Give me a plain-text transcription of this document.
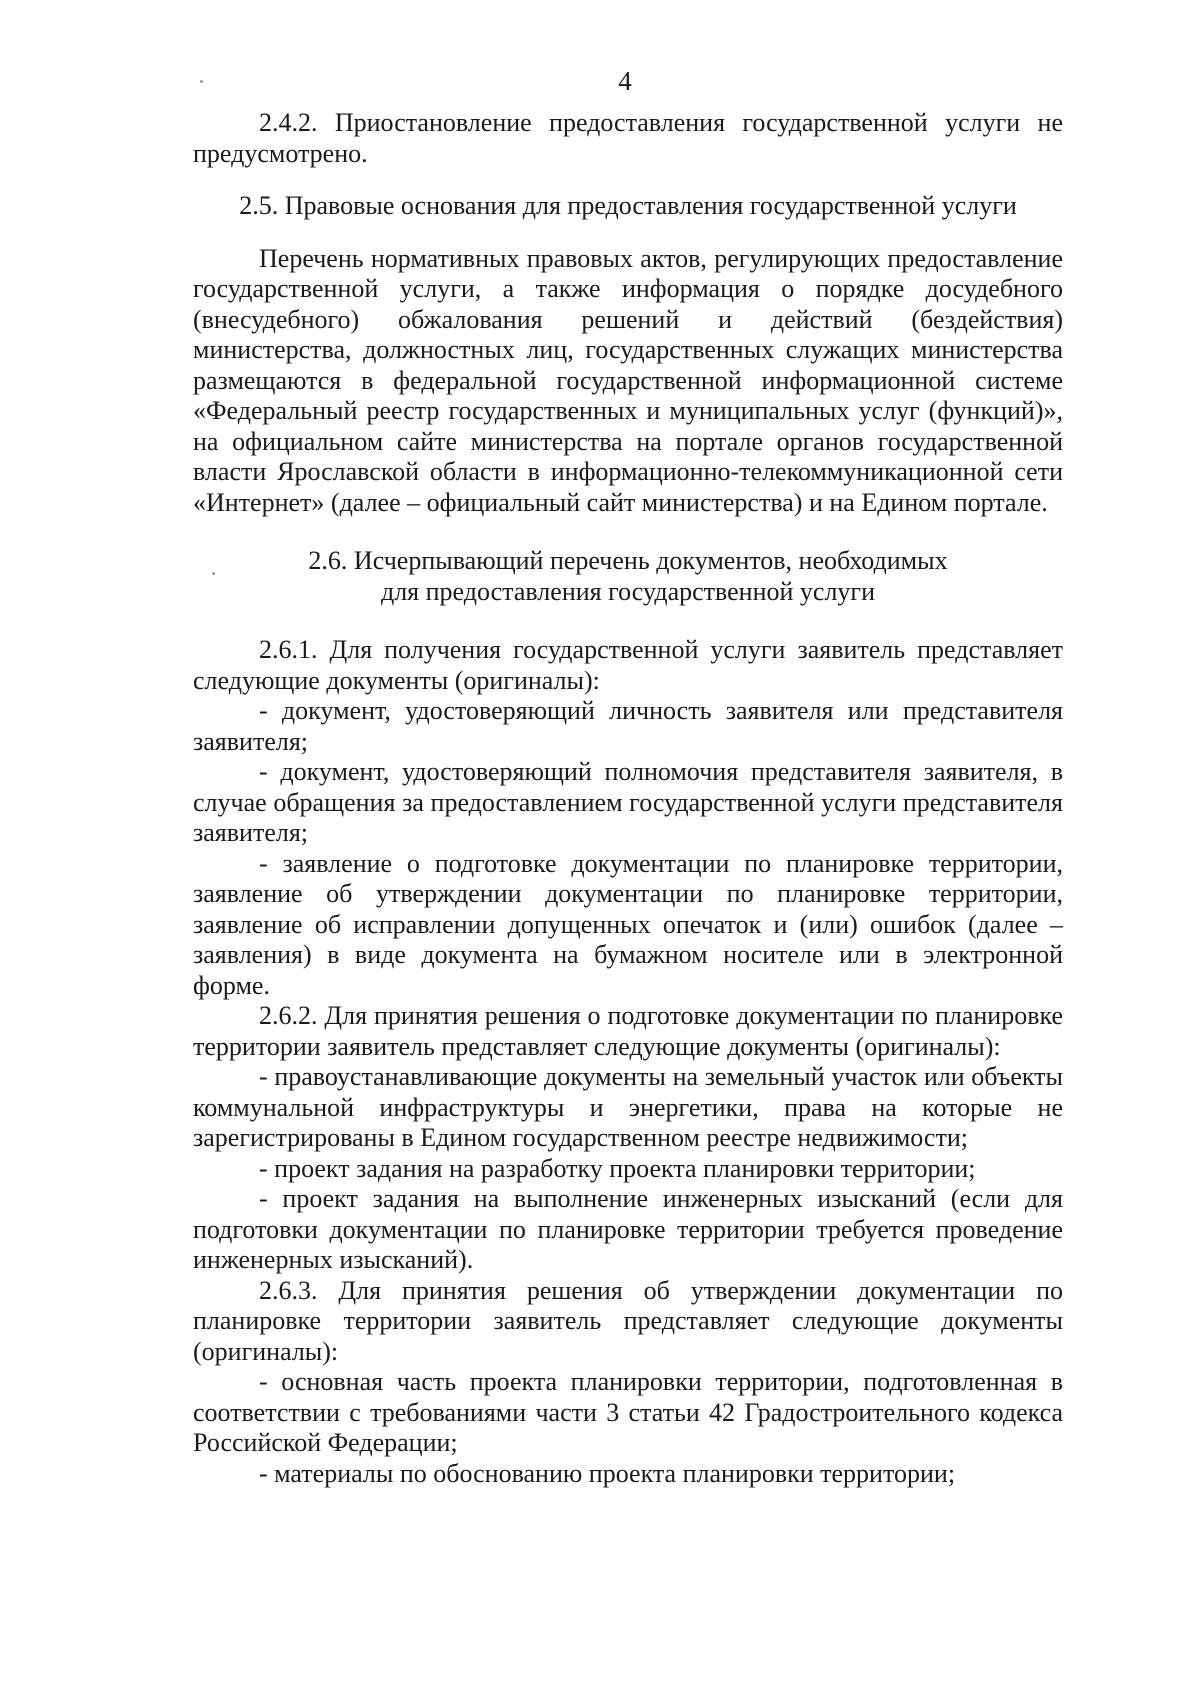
4

2.4.2. Приостановление предоставления государственной услуги не предусмотрено.

2.5. Правовые основания для предоставления государственной услуги

Перечень нормативных правовых актов, регулирующих предоставление государственной услуги, а также информация о порядке досудебного (внесудебного) обжалования решений и действий (бездействия) министерства, должностных лиц, государственных служащих министерства размещаются в федеральной государственной информационной системе «Федеральный реестр государственных и муниципальных услуг (функций)», на официальном сайте министерства на портале органов государственной власти Ярославской области в информационно-телекоммуникационной сети «Интернет» (далее – официальный сайт министерства) и на Едином портале.

2.6. Исчерпывающий перечень документов, необходимых

для предоставления государственной услуги

2.6.1. Для получения государственной услуги заявитель представляет следующие документы (оригиналы):

- документ, удостоверяющий личность заявителя или представителя заявителя;

- документ, удостоверяющий полномочия представителя заявителя, в случае обращения за предоставлением государственной услуги представителя заявителя;

- заявление о подготовке документации по планировке территории, заявление об утверждении документации по планировке территории, заявление об исправлении допущенных опечаток и (или) ошибок (далее – заявления) в виде документа на бумажном носителе или в электронной форме.

2.6.2. Для принятия решения о подготовке документации по планировке территории заявитель представляет следующие документы (оригиналы):

- правоустанавливающие документы на земельный участок или объекты коммунальной инфраструктуры и энергетики, права на которые не зарегистрированы в Едином государственном реестре недвижимости;

- проект задания на разработку проекта планировки территории;

- проект задания на выполнение инженерных изысканий (если для подготовки документации по планировке территории требуется проведение инженерных изысканий).

2.6.3. Для принятия решения об утверждении документации по планировке территории заявитель представляет следующие документы (оригиналы):

- основная часть проекта планировки территории, подготовленная в соответствии с требованиями части 3 статьи 42 Градостроительного кодекса Российской Федерации;

- материалы по обоснованию проекта планировки территории;
